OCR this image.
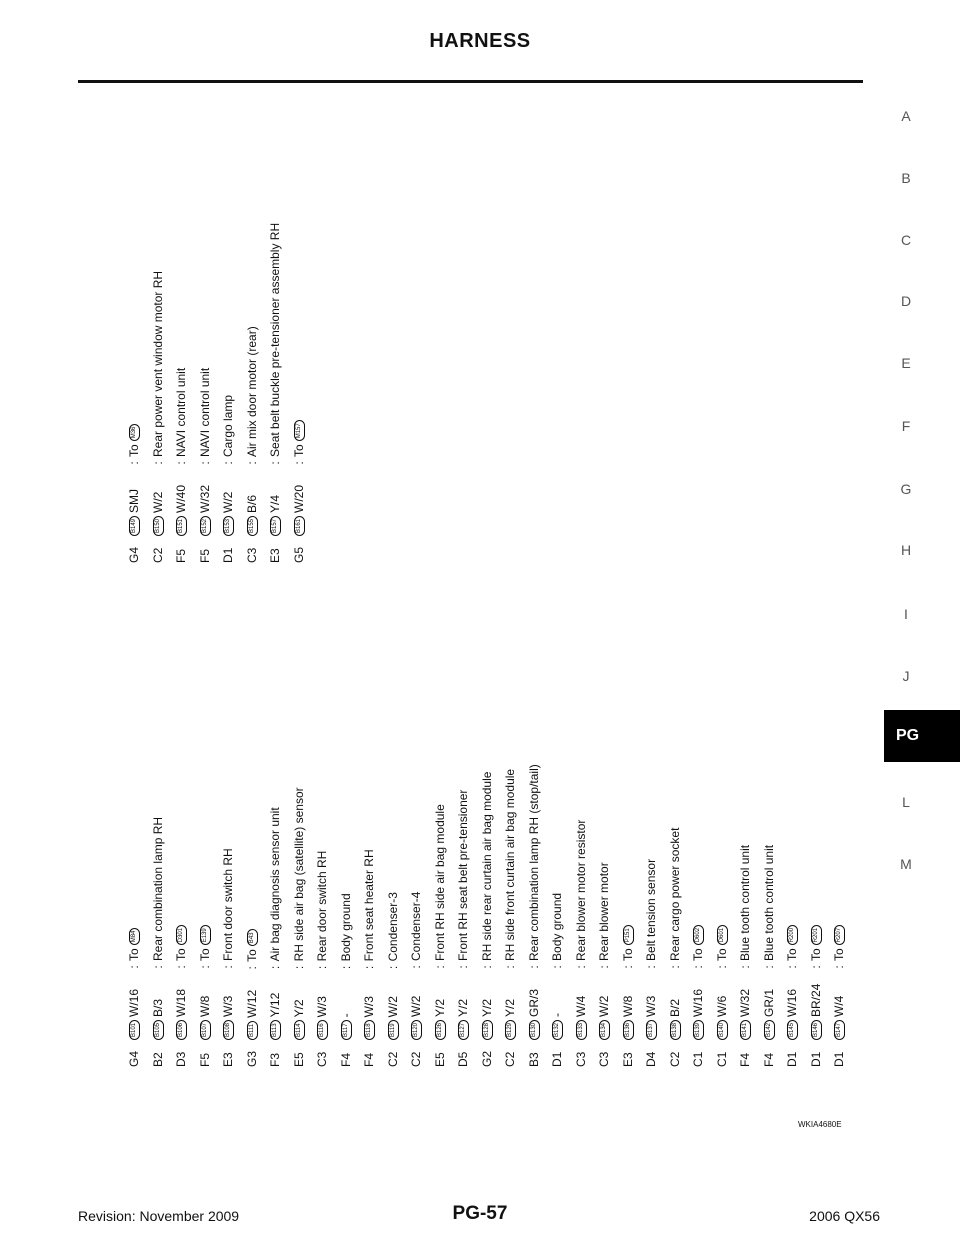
HARNESS
A
B
C
D
E
F
G
H
I
J
PG
L
M
G4B101W/16:ToM84
B2B105B/3:Rear combination lamp RH
D3B106W/18:ToD301
F5B107W/8:ToE139
E3B108W/3:Front door switch RH
G3B111W/12:ToB43
F3B113Y/12:Air bag diagnosis sensor unit
E5B114Y/2:RH side air bag (satellite) sensor
C3B116W/3:Rear door switch RH
F4B117-:Body ground
F4B118W/3:Front seat heater RH
C2B119W/2:Condenser-3
C2B120W/2:Condenser-4
E5B126Y/2:Front RH side air bag module
D5B127Y/2:Front RH seat belt pre-tensioner
G2B128Y/2:RH side rear curtain air bag module
C2B129Y/2:RH side front curtain air bag module
B3B130GR/3:Rear combination lamp RH (stop/tail)
D1B132-:Body ground
C3B133W/4:Rear blower motor resistor
C3B134W/2:Rear blower motor
E3B136W/8:ToP151
D4B137W/3:Belt tension sensor
C2B138B/2:Rear cargo power socket
C1B139W/16:ToD602
C1B140W/6:ToD601
F4B141W/32:Blue tooth control unit
F4B142GR/1:Blue tooth control unit
D1B145W/16:ToR200
D1B146BR/24:ToR201
D1B147W/4:ToR207
G4B149SMJ:ToM36
C2B150W/2:Rear power vent window motor RH
F5B151W/40:NAVI control unit
F5B152W/32:NAVI control unit
D1B153W/2:Cargo lamp
C3B155B/6:Air mix door motor (rear)
E3B157Y/4:Seat belt buckle pre-tensioner assembly RH
G5B161W/20:ToM157
WKIA4680E
Revision: November 2009	PG-57	2006 QX56
